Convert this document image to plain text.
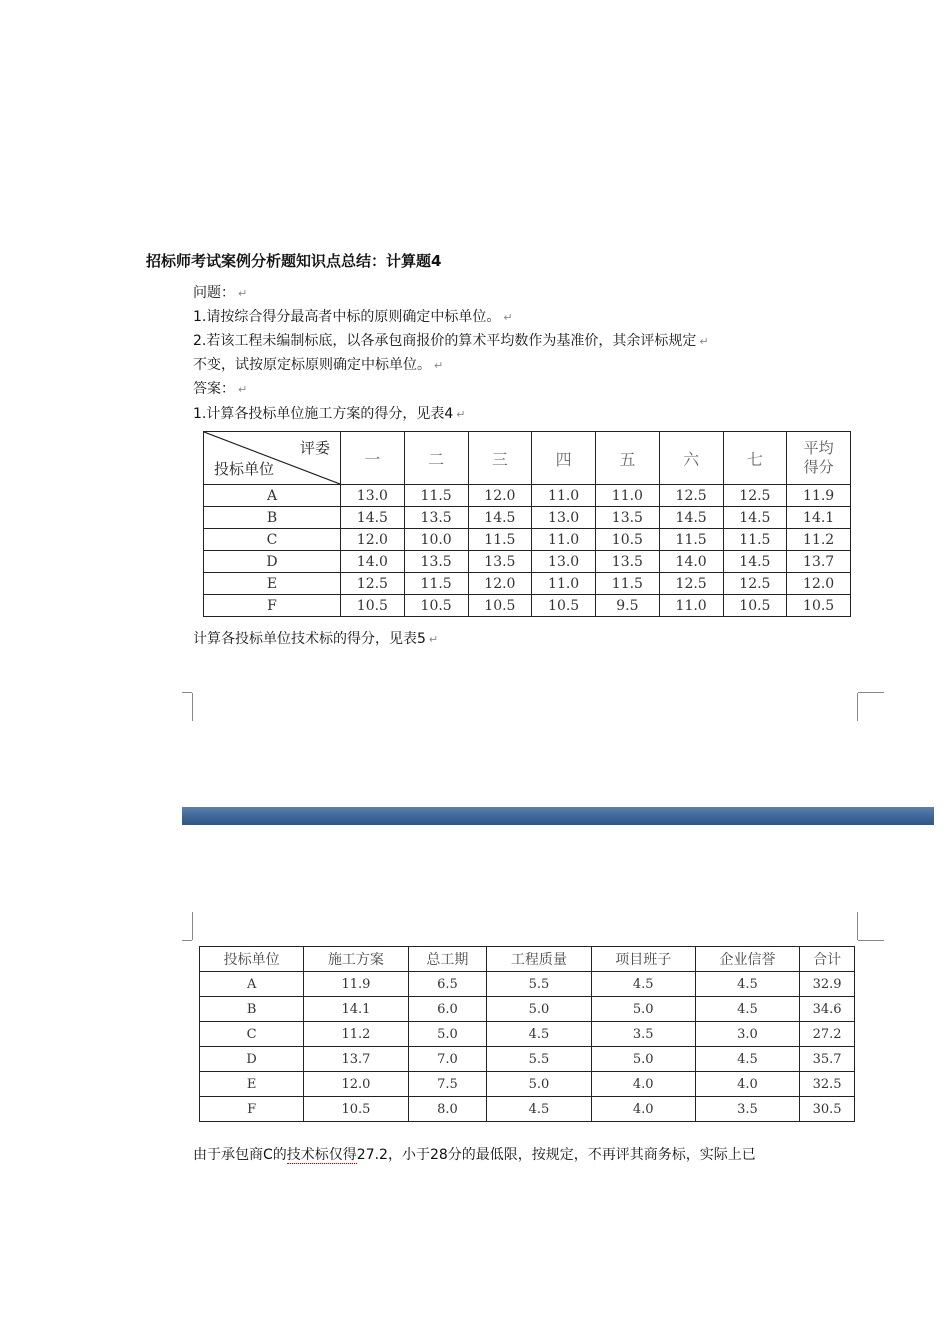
招标师考试案例分析题知识点总结：计算题4
问题： ↵
1.请按综合得分最高者中标的原则确定中标单位。 ↵
2.若该工程未编制标底，以各承包商报价的算术平均数作为基准价，其余评标规定 ↵
不变，试按原定标原则确定中标单位。 ↵
答案： ↵
1.计算各投标单位施工方案的得分，见表4 ↵
评委
投标单位	一	二	三	四	五	六	七	平均
得分
A	13.0	11.5	12.0	11.0	11.0	12.5	12.5	11.9
B	14.5	13.5	14.5	13.0	13.5	14.5	14.5	14.1
C	12.0	10.0	11.5	11.0	10.5	11.5	11.5	11.2
D	14.0	13.5	13.5	13.0	13.5	14.0	14.5	13.7
E	12.5	11.5	12.0	11.0	11.5	12.5	12.5	12.0
F	10.5	10.5	10.5	10.5	9.5	11.0	10.5	10.5
计算各投标单位技术标的得分，见表5 ↵
投标单位	施工方案	总工期	工程质量	项目班子	企业信誉	合计
A	11.9	6.5	5.5	4.5	4.5	32.9
B	14.1	6.0	5.0	5.0	4.5	34.6
C	11.2	5.0	4.5	3.5	3.0	27.2
D	13.7	7.0	5.5	5.0	4.5	35.7
E	12.0	7.5	5.0	4.0	4.0	32.5
F	10.5	8.0	4.5	4.0	3.5	30.5
由于承包商C的技术标仅得27.2，小于28分的最低限，按规定，不再评其商务标，实际上已
